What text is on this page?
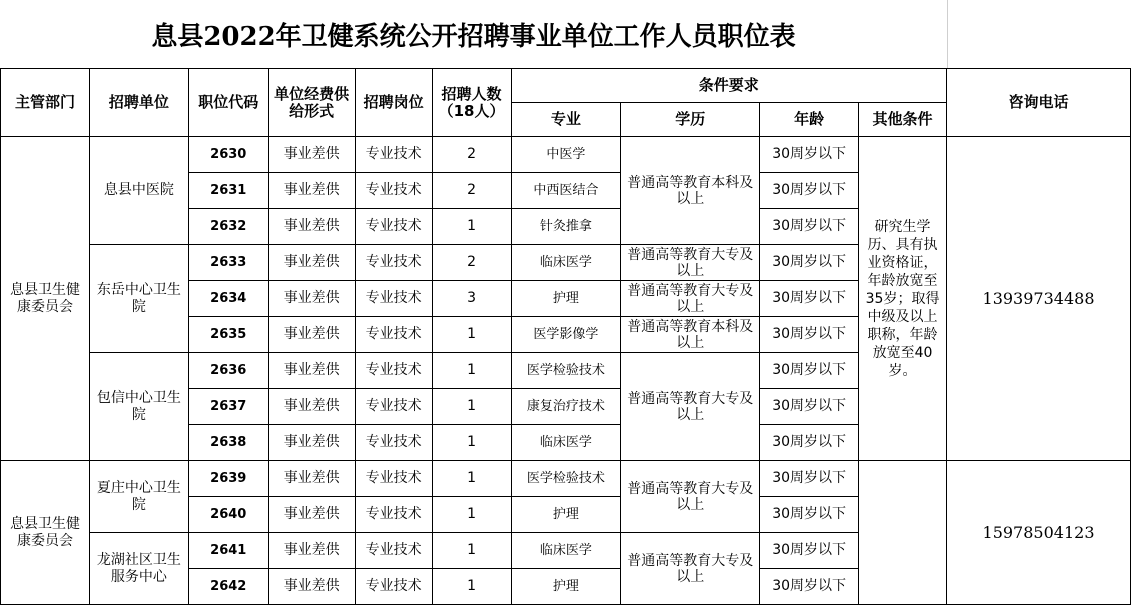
息县2022年卫健系统公开招聘事业单位工作人员职位表
主管部门	招聘单位	职位代码	单位经费供给形式	招聘岗位	招聘人数（18人）	条件要求				咨询电话
						专业	学历	年龄	其他条件	
息县卫生健康委员会	息县中医院	2630	事业差供	专业技术	2	中医学	普通高等教育本科及以上	30周岁以下	研究生学历、具有执业资格证，年龄放宽至35岁；取得中级及以上职称，年龄放宽至40岁。	13939734488
		2631	事业差供	专业技术	2	中西医结合		30周岁以下		
		2632	事业差供	专业技术	1	针灸推拿		30周岁以下		
	东岳中心卫生院	2633	事业差供	专业技术	2	临床医学	普通高等教育大专及以上	30周岁以下		
		2634	事业差供	专业技术	3	护理	普通高等教育大专及以上	30周岁以下		
		2635	事业差供	专业技术	1	医学影像学	普通高等教育本科及以上	30周岁以下		
	包信中心卫生院	2636	事业差供	专业技术	1	医学检验技术	普通高等教育大专及以上	30周岁以下		
		2637	事业差供	专业技术	1	康复治疗技术		30周岁以下		
		2638	事业差供	专业技术	1	临床医学		30周岁以下		
息县卫生健康委员会	夏庄中心卫生院	2639	事业差供	专业技术	1	医学检验技术	普通高等教育大专及以上	30周岁以下		15978504123
		2640	事业差供	专业技术	1	护理		30周岁以下		
	龙湖社区卫生服务中心	2641	事业差供	专业技术	1	临床医学	普通高等教育大专及以上	30周岁以下		
		2642	事业差供	专业技术	1	护理		30周岁以下		
